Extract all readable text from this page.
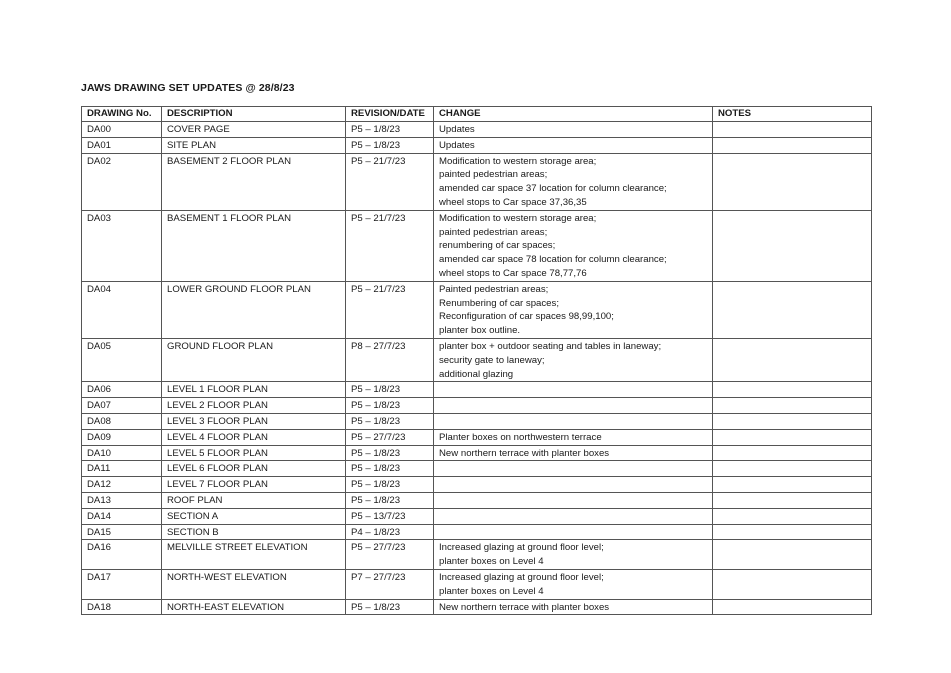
JAWS DRAWING SET UPDATES @ 28/8/23
DRAWING No.	DESCRIPTION	REVISION/DATE	CHANGE	NOTES
DA00	COVER PAGE	P5 – 1/8/23	Updates	

DA01	SITE PLAN	P5 – 1/8/23	Updates	

DA02	BASEMENT 2 FLOOR PLAN	P5 – 21/7/23	Modification to western storage area;
painted pedestrian areas;
amended car space 37 location for column clearance;
wheel stops to Car space 37,36,35	

DA03	BASEMENT 1 FLOOR PLAN	P5 – 21/7/23	Modification to western storage area;
painted pedestrian areas;
renumbering of car spaces;
amended car space 78 location for column clearance;
wheel stops to Car space 78,77,76	

DA04	LOWER GROUND FLOOR PLAN	P5 – 21/7/23	Painted pedestrian areas;
Renumbering of car spaces;
Reconfiguration of car spaces 98,99,100;
planter box outline.	

DA05	GROUND FLOOR PLAN	P8 – 27/7/23	planter box + outdoor seating and tables in laneway;
security gate to laneway;
additional glazing	

DA06	LEVEL 1 FLOOR PLAN	P5 – 1/8/23	

DA07	LEVEL 2 FLOOR PLAN	P5 – 1/8/23	

DA08	LEVEL 3 FLOOR PLAN	P5 – 1/8/23	

DA09	LEVEL 4 FLOOR PLAN	P5 – 27/7/23	Planter boxes on northwestern terrace	

DA10	LEVEL 5 FLOOR PLAN	P5 – 1/8/23	New northern terrace with planter boxes	

DA11	LEVEL 6 FLOOR PLAN	P5 – 1/8/23	

DA12	LEVEL 7 FLOOR PLAN	P5 – 1/8/23	

DA13	ROOF PLAN	P5 – 1/8/23	

DA14	SECTION A	P5 – 13/7/23	

DA15	SECTION B	P4 – 1/8/23	

DA16	MELVILLE STREET ELEVATION	P5 – 27/7/23	Increased glazing at ground floor level;
planter boxes on Level 4	

DA17	NORTH-WEST ELEVATION	P7 – 27/7/23	Increased glazing at ground floor level;
planter boxes on Level 4	

DA18	NORTH-EAST ELEVATION	P5 – 1/8/23	New northern terrace with planter boxes	
